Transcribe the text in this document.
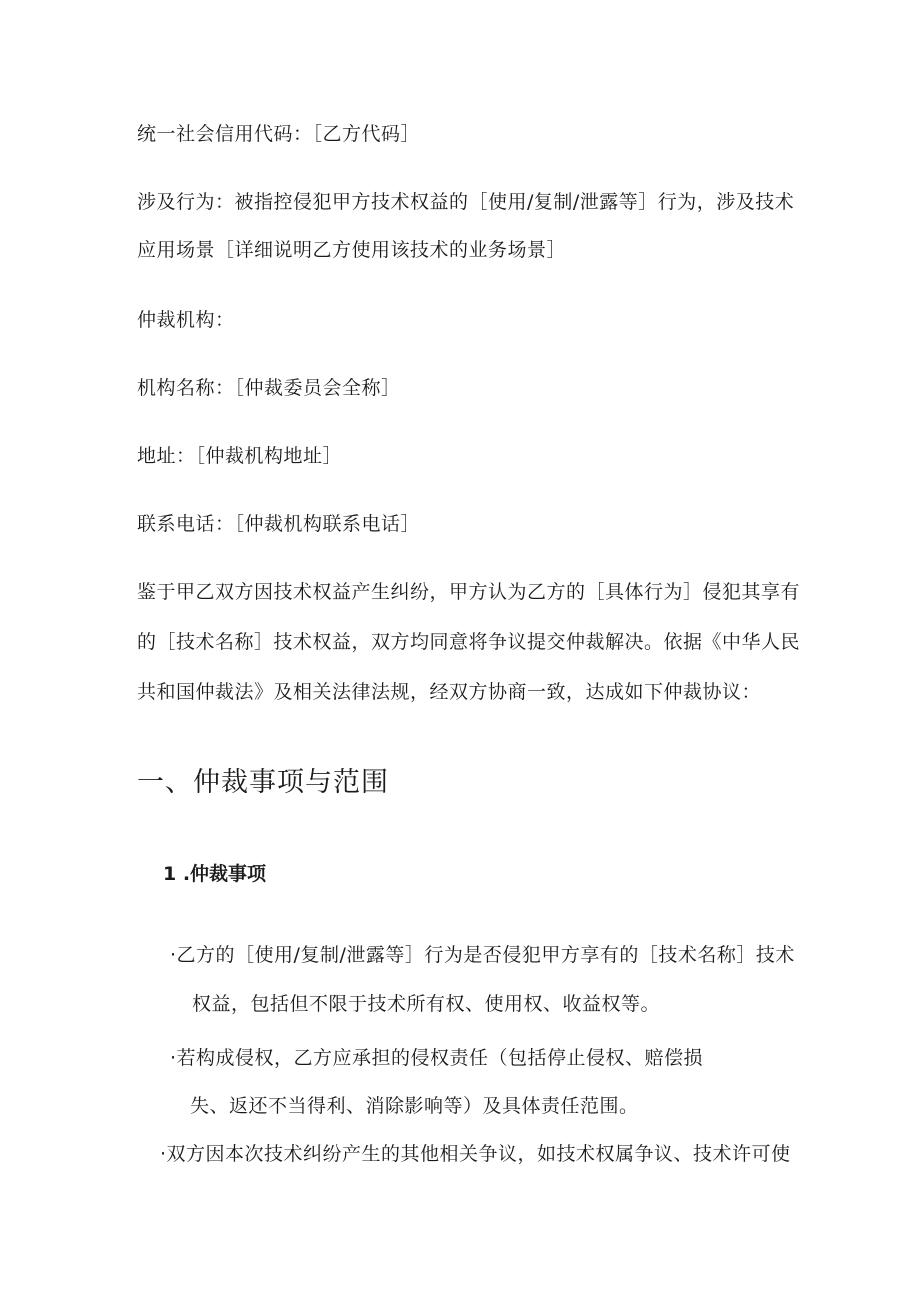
统一社会信用代码：［乙方代码］
涉及行为：被指控侵犯甲方技术权益的［使用/复制/泄露等］行为，涉及技术
应用场景［详细说明乙方使用该技术的业务场景］
仲裁机构：
机构名称：［仲裁委员会全称］
地址：［仲裁机构地址］
联系电话：［仲裁机构联系电话］
鉴于甲乙双方因技术权益产生纠纷，甲方认为乙方的［具体行为］侵犯其享有
的［技术名称］技术权益，双方均同意将争议提交仲裁解决。依据《中华人民
共和国仲裁法》及相关法律法规，经双方协商一致，达成如下仲裁协议：
一、仲裁事项与范围
1 .仲裁事项
·乙方的［使用/复制/泄露等］行为是否侵犯甲方享有的［技术名称］技术
权益，包括但不限于技术所有权、使用权、收益权等。
·若构成侵权，乙方应承担的侵权责任（包括停止侵权、赔偿损
失、返还不当得利、消除影响等）及具体责任范围。
·双方因本次技术纠纷产生的其他相关争议，如技术权属争议、技术许可使
